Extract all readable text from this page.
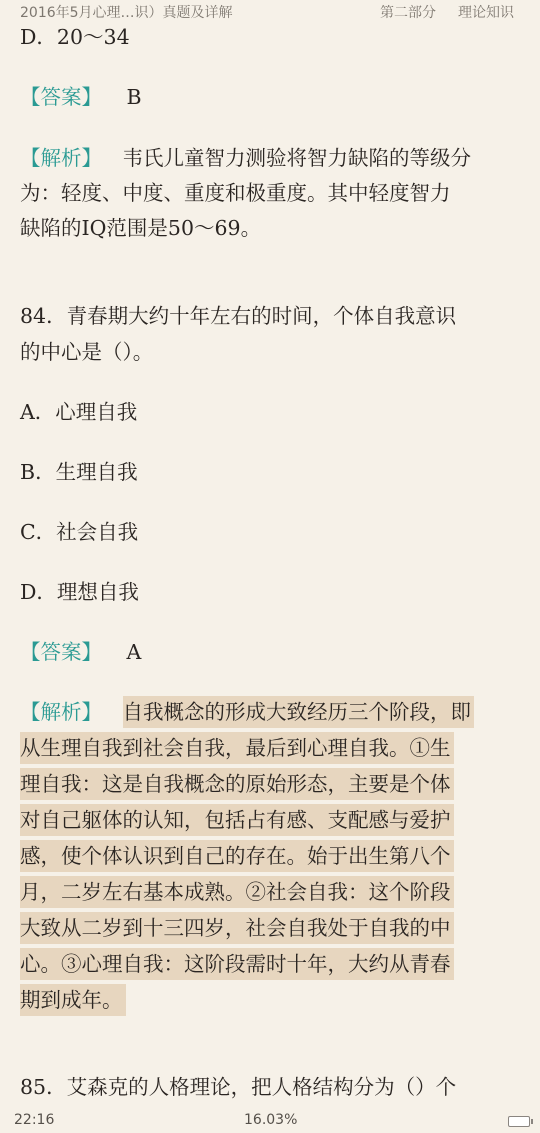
2016年5月心理…识）真题及详解	第二部分 理论知识
D．20～34
【答案】 B
【解析】 韦氏儿童智力测验将智力缺陷的等级分
为：轻度、中度、重度和极重度。其中轻度智力
缺陷的IQ范围是50～69。
84．青春期大约十年左右的时间，个体自我意识
的中心是（）。
A．心理自我
B．生理自我
C．社会自我
D．理想自我
【答案】 A
【解析】 自我概念的形成大致经历三个阶段，即
从生理自我到社会自我，最后到心理自我。①生
理自我：这是自我概念的原始形态，主要是个体
对自己躯体的认知，包括占有感、支配感与爱护
感，使个体认识到自己的存在。始于出生第八个
月，二岁左右基本成熟。②社会自我：这个阶段
大致从二岁到十三四岁，社会自我处于自我的中
心。③心理自我：这阶段需时十年，大约从青春
期到成年。
85．艾森克的人格理论，把人格结构分为（）个
22:16	16.03%
